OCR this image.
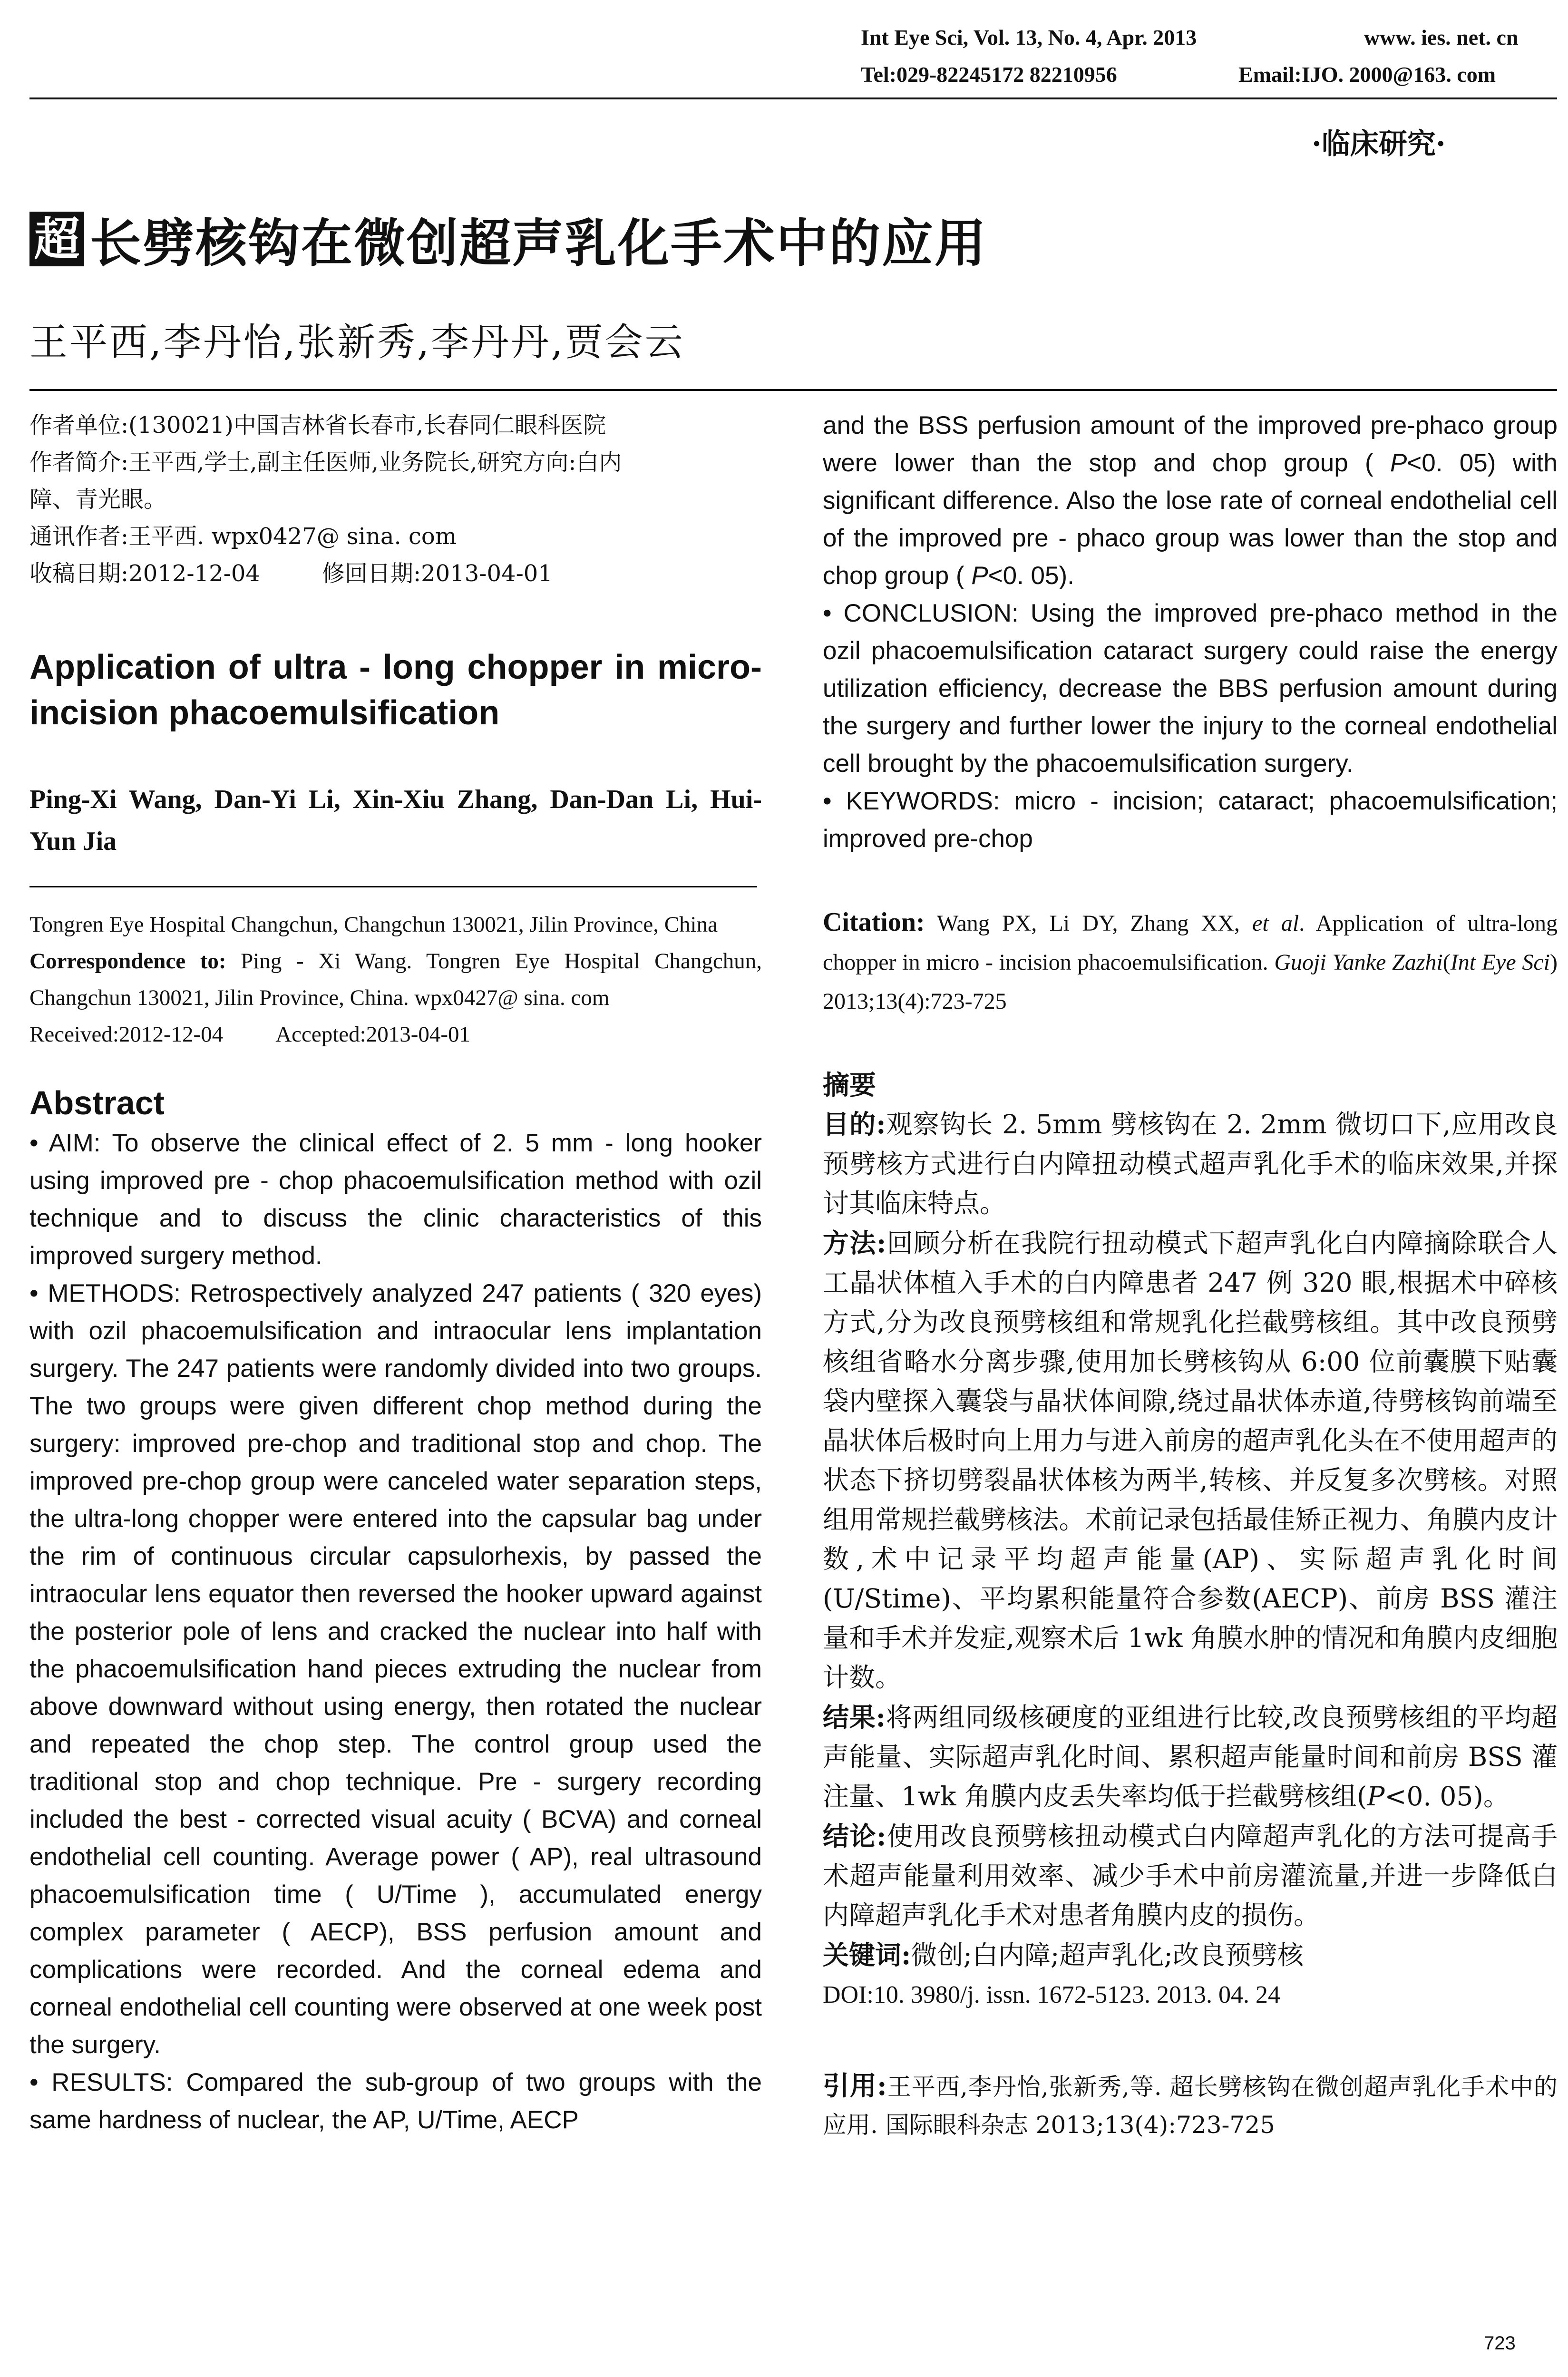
Int Eye Sci, Vol. 13, No. 4, Apr. 2013	www. ies. net. cn
Tel:029-82245172 82210956	Email:IJO. 2000@163. com
·临床研究·
超 长劈核钩在微创超声乳化手术中的应用
王平西,李丹怡,张新秀,李丹丹,贾会云

作者单位:(130021)中国吉林省长春市,长春同仁眼科医院

作者简介:王平西,学士,副主任医师,业务院长,研究方向:白内

障、青光眼。

通讯作者:王平西. wpx0427@ sina. com

收稿日期:2012-12-04	修回日期:2013-04-01

Application of ultra - long chopper in micro-incision phacoemulsification
Ping-Xi Wang, Dan-Yi Li, Xin-Xiu Zhang, Dan-Dan Li, Hui-Yun Jia
Tongren Eye Hospital Changchun, Changchun 130021, Jilin Province, China
Correspondence to: Ping - Xi Wang. Tongren Eye Hospital Changchun, Changchun 130021, Jilin Province, China. wpx0427@ sina. com
Received:2012-12-04 Accepted:2013-04-01
Abstract

• AIM: To observe the clinical effect of 2. 5 mm - long hooker using improved pre - chop phacoemulsification method with ozil technique and to discuss the clinic characteristics of this improved surgery method.

• METHODS: Retrospectively analyzed 247 patients ( 320 eyes) with ozil phacoemulsification and intraocular lens implantation surgery. The 247 patients were randomly divided into two groups. The two groups were given different chop method during the surgery: improved pre-chop and traditional stop and chop. The improved pre-chop group were canceled water separation steps, the ultra-long chopper were entered into the capsular bag under the rim of continuous circular capsulorhexis, by passed the intraocular lens equator then reversed the hooker upward against the posterior pole of lens and cracked the nuclear into half with the phacoemulsification hand pieces extruding the nuclear from above downward without using energy, then rotated the nuclear and repeated the chop step. The control group used the traditional stop and chop technique. Pre - surgery recording included the best - corrected visual acuity ( BCVA) and corneal endothelial cell counting. Average power ( AP), real ultrasound phacoemulsification time ( U/Time ), accumulated energy complex parameter ( AECP), BSS perfusion amount and complications were recorded. And the corneal edema and corneal endothelial cell counting were observed at one week post the surgery.

• RESULTS: Compared the sub-group of two groups with the same hardness of nuclear, the AP, U/Time, AECP

and the BSS perfusion amount of the improved pre-phaco group were lower than the stop and chop group ( P<0. 05) with significant difference. Also the lose rate of corneal endothelial cell of the improved pre - phaco group was lower than the stop and chop group ( P<0. 05).

• CONCLUSION: Using the improved pre-phaco method in the ozil phacoemulsification cataract surgery could raise the energy utilization efficiency, decrease the BBS perfusion amount during the surgery and further lower the injury to the corneal endothelial cell brought by the phacoemulsification surgery.

• KEYWORDS: micro - incision; cataract; phacoemulsification; improved pre-chop

Citation: Wang PX, Li DY, Zhang XX, et al. Application of ultra-long chopper in micro - incision phacoemulsification. Guoji Yanke Zazhi(Int Eye Sci) 2013;13(4):723-725

摘要

目的:观察钩长 2. 5mm 劈核钩在 2. 2mm 微切口下,应用改良预劈核方式进行白内障扭动模式超声乳化手术的临床效果,并探讨其临床特点。

方法:回顾分析在我院行扭动模式下超声乳化白内障摘除联合人工晶状体植入手术的白内障患者 247 例 320 眼,根据术中碎核方式,分为改良预劈核组和常规乳化拦截劈核组。其中改良预劈核组省略水分离步骤,使用加长劈核钩从 6:00 位前囊膜下贴囊袋内壁探入囊袋与晶状体间隙,绕过晶状体赤道,待劈核钩前端至晶状体后极时向上用力与进入前房的超声乳化头在不使用超声的状态下挤切劈裂晶状体核为两半,转核、并反复多次劈核。对照组用常规拦截劈核法。术前记录包括最佳矫正视力、角膜内皮计数,术中记录平均超声能量(AP)、实际超声乳化时间(U/Stime)、平均累积能量符合参数(AECP)、前房 BSS 灌注量和手术并发症,观察术后 1wk 角膜水肿的情况和角膜内皮细胞计数。

结果:将两组同级核硬度的亚组进行比较,改良预劈核组的平均超声能量、实际超声乳化时间、累积超声能量时间和前房 BSS 灌注量、1wk 角膜内皮丢失率均低于拦截劈核组(P<0. 05)。

结论:使用改良预劈核扭动模式白内障超声乳化的方法可提高手术超声能量利用效率、减少手术中前房灌流量,并进一步降低白内障超声乳化手术对患者角膜内皮的损伤。

关键词:微创;白内障;超声乳化;改良预劈核

DOI:10. 3980/j. issn. 1672-5123. 2013. 04. 24

引用:王平西,李丹怡,张新秀,等. 超长劈核钩在微创超声乳化手术中的应用. 国际眼科杂志 2013;13(4):723-725

723
